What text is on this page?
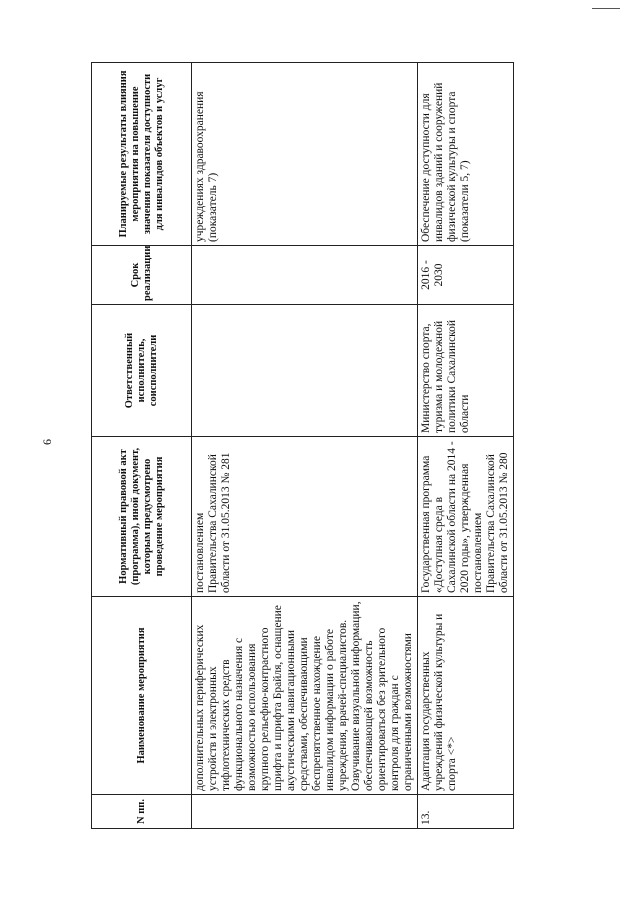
6
N пп.	Наименование мероприятия	Нормативный правовой акт (программа), иной документ, которым предусмотрено проведение мероприятия	Ответственный исполнитель, соисполнители	Срок реализации	Планируемые результаты влияния мероприятия на повышение значения показателя доступности для инвалидов объектов и услуг
	дополнительных периферических устройств и электронных тифлотехнических средств функционального назначения с возможностью использования крупного рельефно-контрастного шрифта и шрифта Брайля, оснащение акустическими навигационными средствами, обеспечивающими беспрепятственное нахождение инвалидом информации о работе учреждения, врачей-специалистов. Озвучивание визуальной информации, обеспечивающей возможность ориентироваться без зрительного контроля для граждан с ограниченными возможностями	постановлением Правительства Сахалинской области от 31.05.2013 № 281			учреждениях здравоохранения (показатель 7)
13.	Адаптация государственных учреждений физической культуры и спорта <*>	Государственная программа «Доступная среда в Сахалинской области на 2014 - 2020 годы», утвержденная постановлением Правительства Сахалинской области от 31.05.2013 № 280	Министерство спорта, туризма и молодежной политики Сахалинской области	2016 - 2030	Обеспечение доступности для инвалидов зданий и сооружений физической культуры и спорта (показатели 5, 7)
